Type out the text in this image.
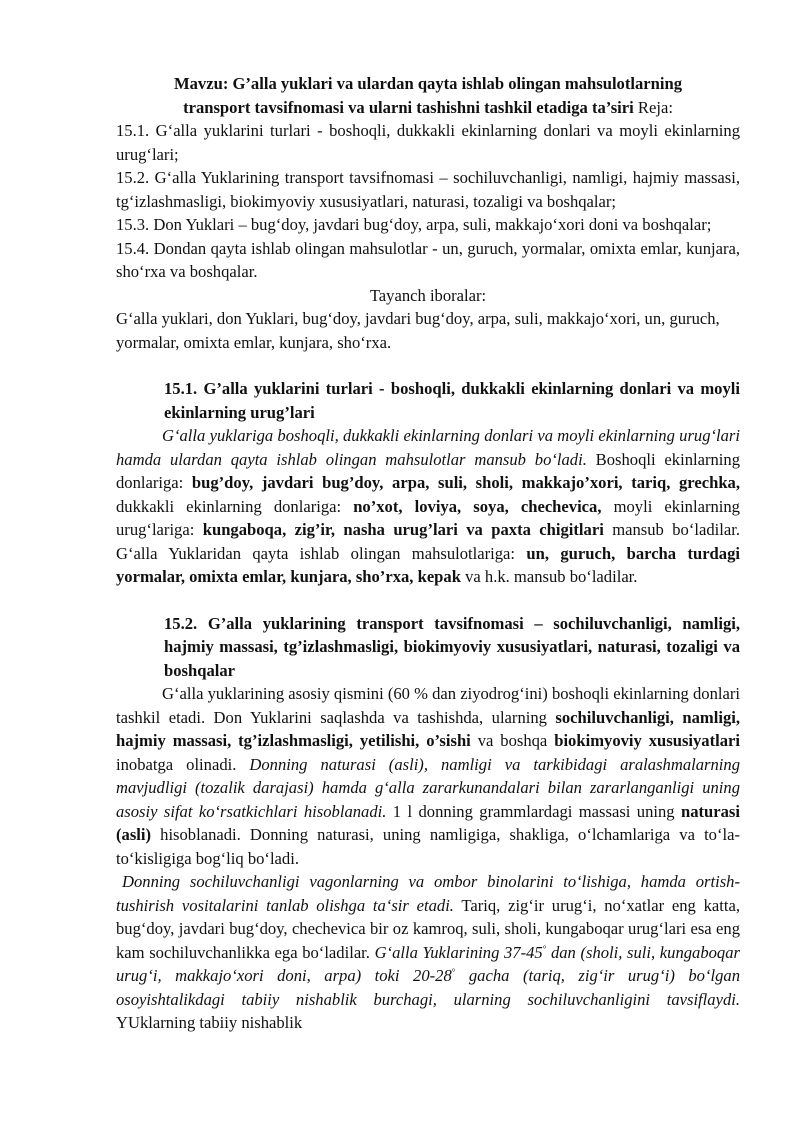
Mavzu: G’alla yuklari va ulardan qayta ishlab olingan mahsulotlarning
transport tavsifnomasi va ularni tashishni tashkil etadiga ta’siri Reja:

15.1. G‘alla yuklarini turlari - boshoqli, dukkakli ekinlarning donlari va moyli ekinlarning urug‘lari;

15.2. G‘alla Yuklarining transport tavsifnomasi – sochiluvchanligi, namligi, hajmiy massasi, tg‘izlashmasligi, biokimyoviy xususiyatlari, naturasi, tozaligi va boshqalar;

15.3. Don Yuklari – bug‘doy, javdari bug‘doy, arpa, suli, makkajo‘xori doni va boshqalar;

15.4. Dondan qayta ishlab olingan mahsulotlar - un, guruch, yormalar, omixta emlar, kunjara, sho‘rxa va boshqalar.

Tayanch iboralar:

G‘alla yuklari, don Yuklari, bug‘doy, javdari bug‘doy, arpa, suli, makkajo‘xori, un, guruch, yormalar, omixta emlar, kunjara, sho‘rxa.

15.1. G’alla yuklarini turlari - boshoqli, dukkakli ekinlarning donlari va moyli ekinlarning urug’lari

G‘alla yuklariga boshoqli, dukkakli ekinlarning donlari va moyli ekinlarning urug‘lari hamda ulardan qayta ishlab olingan mahsulotlar mansub bo‘ladi. Boshoqli ekinlarning donlariga: bug’doy, javdari bug’doy, arpa, suli, sholi, makkajo’xori, tariq, grechka, dukkakli ekinlarning donlariga: no’xot, loviya, soya, chechevica, moyli ekinlarning urug‘lariga: kungaboqa, zig’ir, nasha urug’lari va paxta chigitlari mansub bo‘ladilar. G‘alla Yuklaridan qayta ishlab olingan mahsulotlariga: un, guruch, barcha turdagi yormalar, omixta emlar, kunjara, sho’rxa, kepak va h.k. mansub bo‘ladilar.

15.2. G’alla yuklarining transport tavsifnomasi – sochiluvchanligi, namligi, hajmiy massasi, tg’izlashmasligi, biokimyoviy xususiyatlari, naturasi, tozaligi va boshqalar

G‘alla yuklarining asosiy qismini (60 % dan ziyodrog‘ini) boshoqli ekinlarning donlari tashkil etadi. Don Yuklarini saqlashda va tashishda, ularning sochiluvchanligi, namligi, hajmiy massasi, tg’izlashmasligi, yetilishi, o’sishi va boshqa biokimyoviy xususiyatlari inobatga olinadi. Donning naturasi (asli), namligi va tarkibidagi aralashmalarning mavjudligi (tozalik darajasi) hamda g‘alla zararkunandalari bilan zararlanganligi uning asosiy sifat ko‘rsatkichlari hisoblanadi. 1 l donning grammlardagi massasi uning naturasi (asli) hisoblanadi. Donning naturasi, uning namligiga, shakliga, o‘lchamlariga va to‘la-to‘kisligiga bog‘liq bo‘ladi.

Donning sochiluvchanligi vagonlarning va ombor binolarini to‘lishiga, hamda ortish-tushirish vositalarini tanlab olishga ta‘sir etadi. Tariq, zig‘ir urug‘i, no‘xatlar eng katta, bug‘doy, javdari bug‘doy, chechevica bir oz kamroq, suli, sholi, kungaboqar urug‘lari esa eng kam sochiluvchanlikka ega bo‘ladilar. G‘alla Yuklarining 37-45° dan (sholi, suli, kungaboqar urug‘i, makkajo‘xori doni, arpa) toki 20-28° gacha (tariq, zig‘ir urug‘i) bo‘lgan osoyishtalikdagi tabiiy nishablik burchagi, ularning sochiluvchanligini tavsiflaydi. YUklarning tabiiy nishablik
